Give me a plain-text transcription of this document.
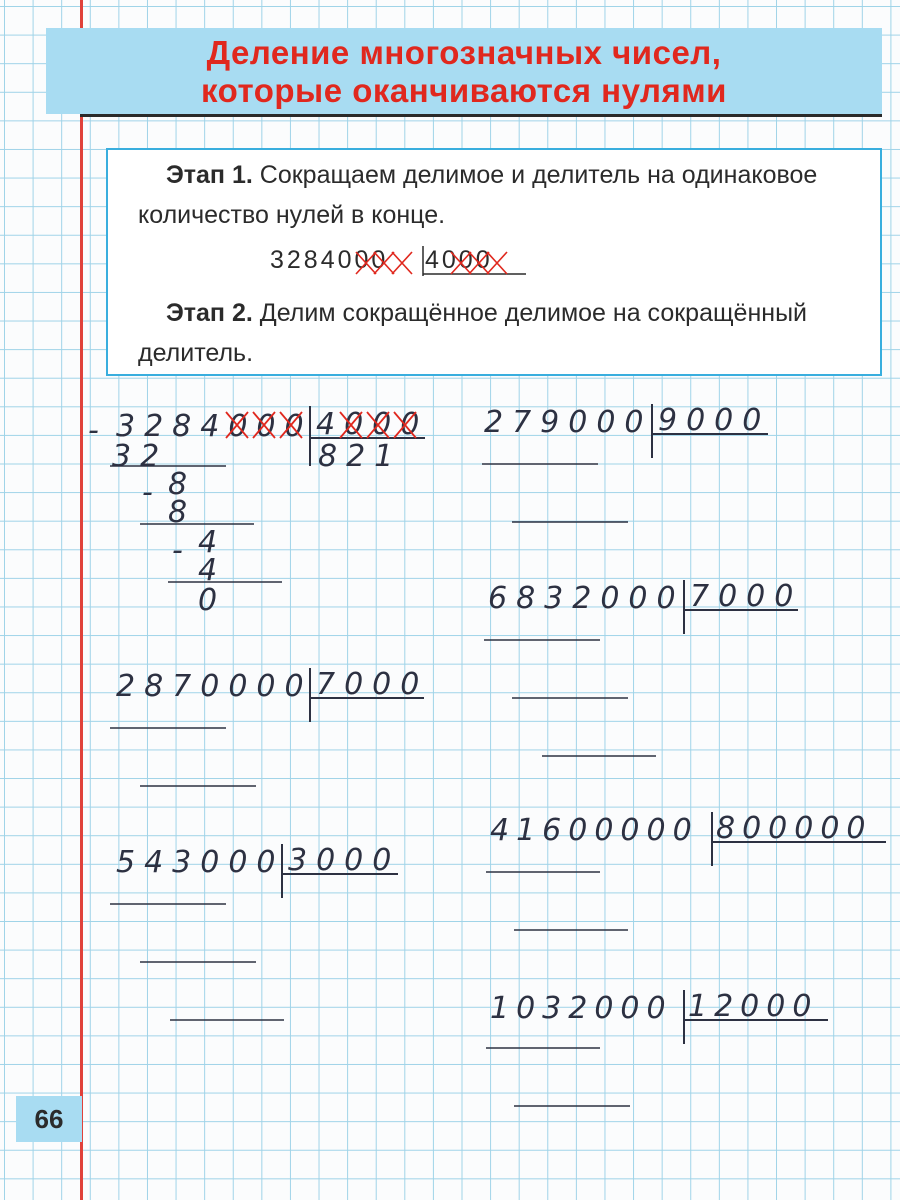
Деление многозначных чисел,
которые оканчиваются нулями

Этап 1. Сокращаем делимое и делитель на одинаковое количество нулей в конце.

3284000 4000

Этап 2. Делим сокращённое делимое на сокращённый делитель.

- 3284000 4000
821
32
- 8
8
- 4
4
0
2870000 7000
543000 3000
279000 9000
6832000 7000
41600000 800000
1032000 12000
66
